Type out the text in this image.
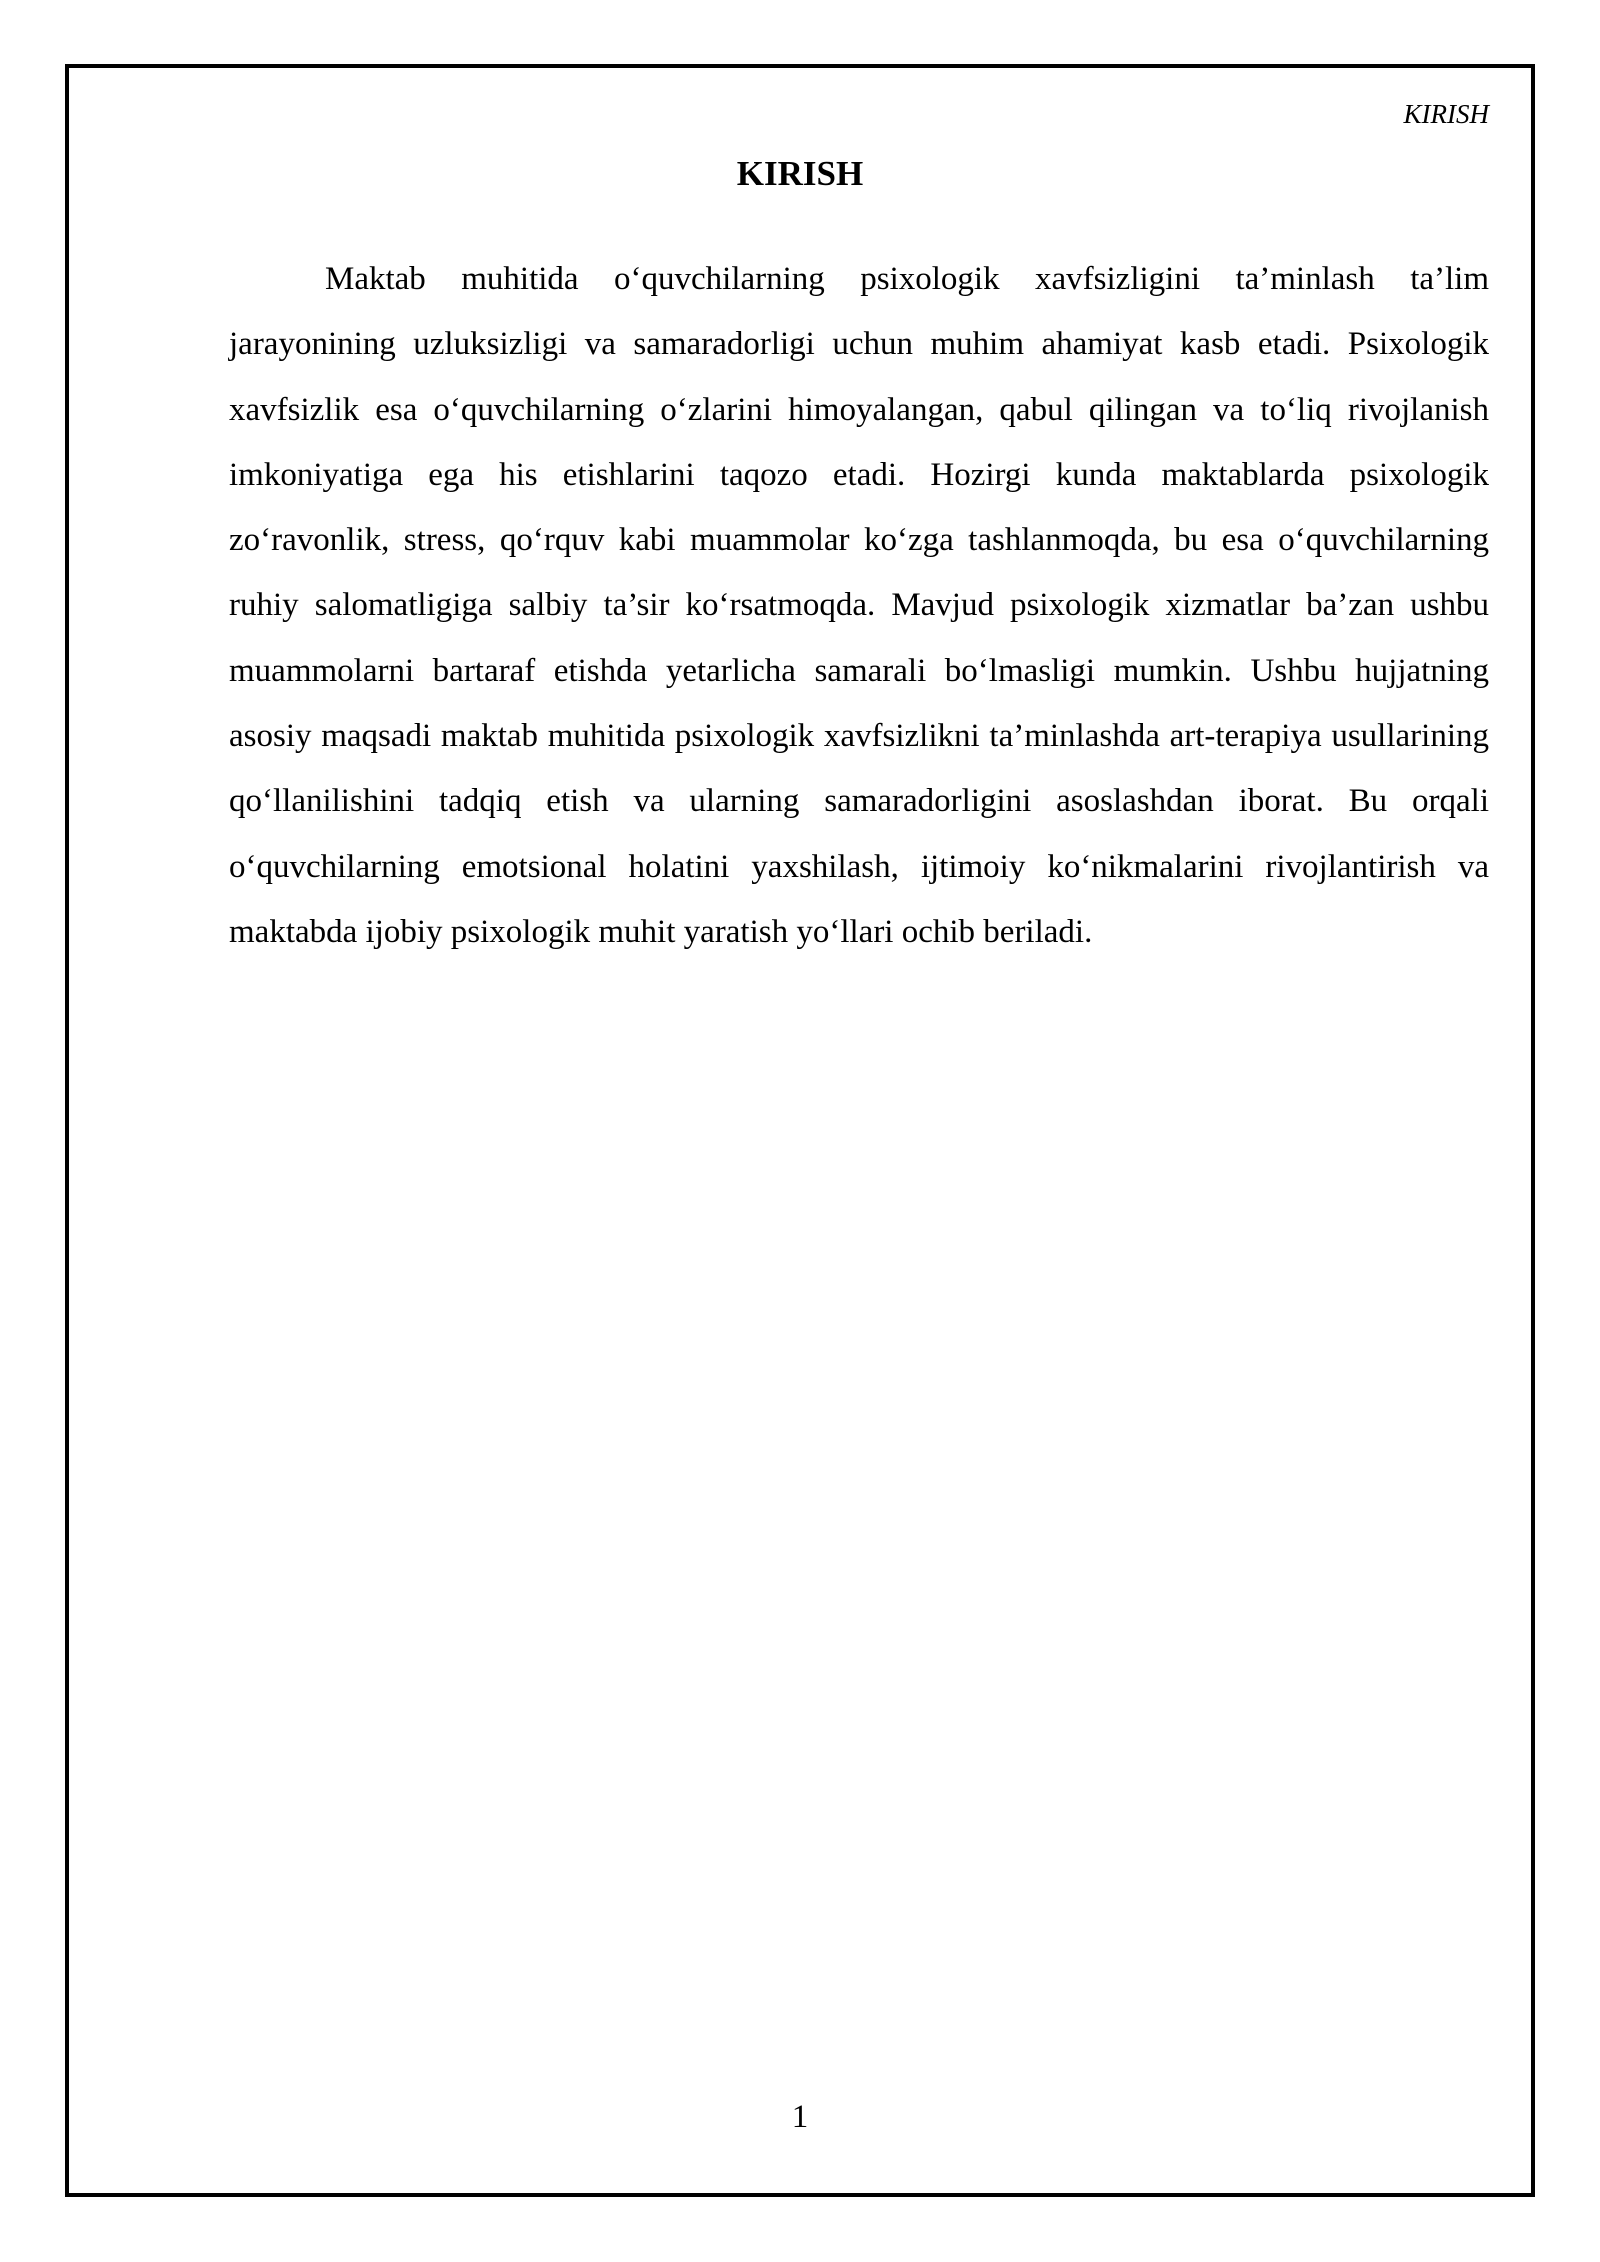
KIRISH
KIRISH

Maktab muhitida o‘quvchilarning psixologik xavfsizligini ta’minlash ta’lim jarayonining uzluksizligi va samaradorligi uchun muhim ahamiyat kasb etadi. Psixologik xavfsizlik esa o‘quvchilarning o‘zlarini himoyalangan, qabul qilingan va to‘liq rivojlanish imkoniyatiga ega his etishlarini taqozo etadi. Hozirgi kunda maktablarda psixologik zo‘ravonlik, stress, qo‘rquv kabi muammolar ko‘zga tashlanmoqda, bu esa o‘quvchilarning ruhiy salomatligiga salbiy ta’sir ko‘rsatmoqda. Mavjud psixologik xizmatlar ba’zan ushbu muammolarni bartaraf etishda yetarlicha samarali bo‘lmasligi mumkin. Ushbu hujjatning asosiy maqsadi maktab muhitida psixologik xavfsizlikni ta’minlashda art-terapiya usullarining qo‘llanilishini tadqiq etish va ularning samaradorligini asoslashdan iborat. Bu orqali o‘quvchilarning emotsional holatini yaxshilash, ijtimoiy ko‘nikmalarini rivojlantirish va maktabda ijobiy psixologik muhit yaratish yo‘llari ochib beriladi.

1
